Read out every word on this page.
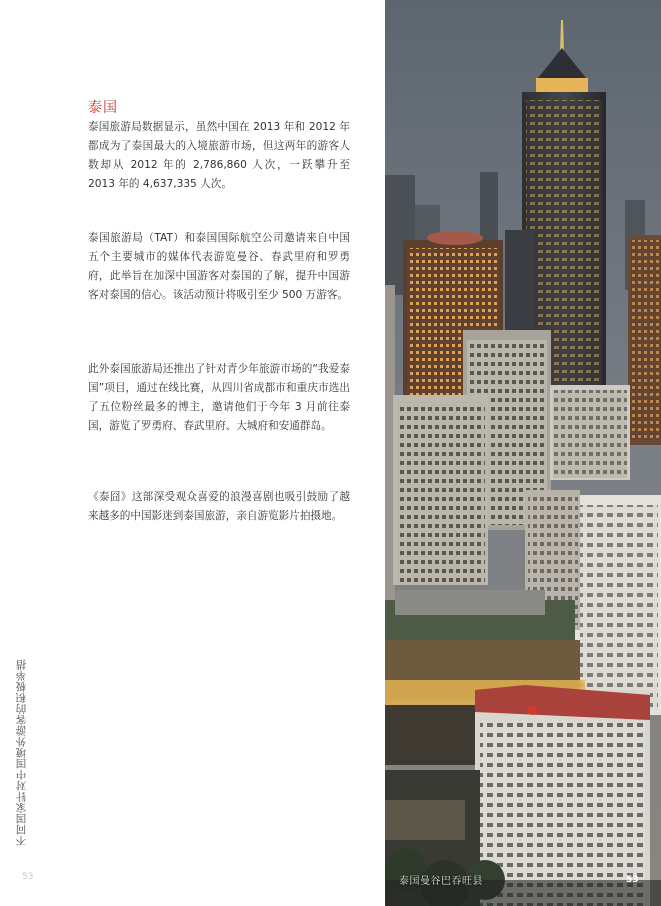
泰国

泰国旅游局数据显示，虽然中国在 2013 年和 2012 年都成为了泰国最大的入境旅游市场，但这两年的游客人数却从 2012 年的 2,786,860 人次，一跃攀升至 2013 年的 4,637,335 人次。

泰国旅游局（TAT）和泰国国际航空公司邀请来自中国五个主要城市的媒体代表游览曼谷、春武里府和罗勇府，此举旨在加深中国游客对泰国的了解，提升中国游客对泰国的信心。该活动预计将吸引至少 500 万游客。

此外泰国旅游局还推出了针对青少年旅游市场的“我爱泰国”项目，通过在线比赛，从四川省成都市和重庆市选出了五位粉丝最多的博主，邀请他们于今年 3 月前往泰国，游览了罗勇府、春武里府、大城府和安通群岛。

《泰囧》这部深受观众喜爱的浪漫喜剧也吸引鼓励了越来越多的中国影迷到泰国旅游，亲自游览影片拍摄地。

不同国家针对中国境外游客的积极举措
53	泰国曼谷巴吞旺县	53
